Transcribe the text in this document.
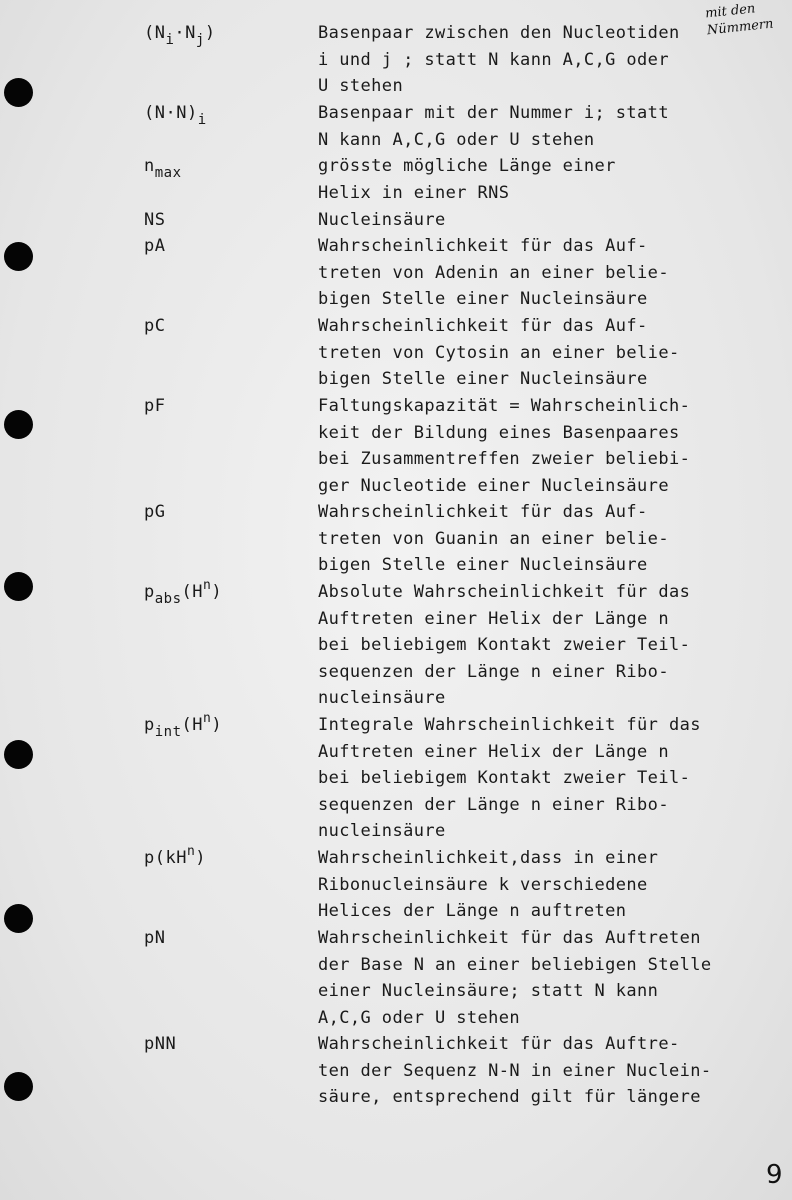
mit den
Nümmern
$(N_i\cdot N_j)$	Basenpaar zwischen den Nucleotiden
i und j ; statt N kann A,C,G oder
U stehen
$(N\cdot N)_i$	Basenpaar mit der Nummer i; statt
N kann A,C,G oder U stehen
$n_{max}$	grösste mögliche Länge einer
Helix in einer RNS
NS	Nucleinsäure
pA	Wahrscheinlichkeit für das Auf-
treten von Adenin an einer belie-
bigen Stelle einer Nucleinsäure
pC	Wahrscheinlichkeit für das Auf-
treten von Cytosin an einer belie-
bigen Stelle einer Nucleinsäure
pF	Faltungskapazität = Wahrscheinlich-
keit der Bildung eines Basenpaares
bei Zusammentreffen zweier beliebi-
ger Nucleotide einer Nucleinsäure
pG	Wahrscheinlichkeit für das Auf-
treten von Guanin an einer belie-
bigen Stelle einer Nucleinsäure
$p_{abs}(H^n)$	Absolute Wahrscheinlichkeit für das
Auftreten einer Helix der Länge n
bei beliebigem Kontakt zweier Teil-
sequenzen der Länge n einer Ribo-
nucleinsäure
$p_{int}(H^n)$	Integrale Wahrscheinlichkeit für das
Auftreten einer Helix der Länge n
bei beliebigem Kontakt zweier Teil-
sequenzen der Länge n einer Ribo-
nucleinsäure
$p(kH^n)$	Wahrscheinlichkeit,dass in einer
Ribonucleinsäure k verschiedene
Helices der Länge n auftreten
pN	Wahrscheinlichkeit für das Auftreten
der Base N an einer beliebigen Stelle
einer Nucleinsäure; statt N kann
A,C,G oder U stehen
pNN	Wahrscheinlichkeit für das Auftre-
ten der Sequenz N-N in einer Nuclein-
säure, entsprechend gilt für längere
9
